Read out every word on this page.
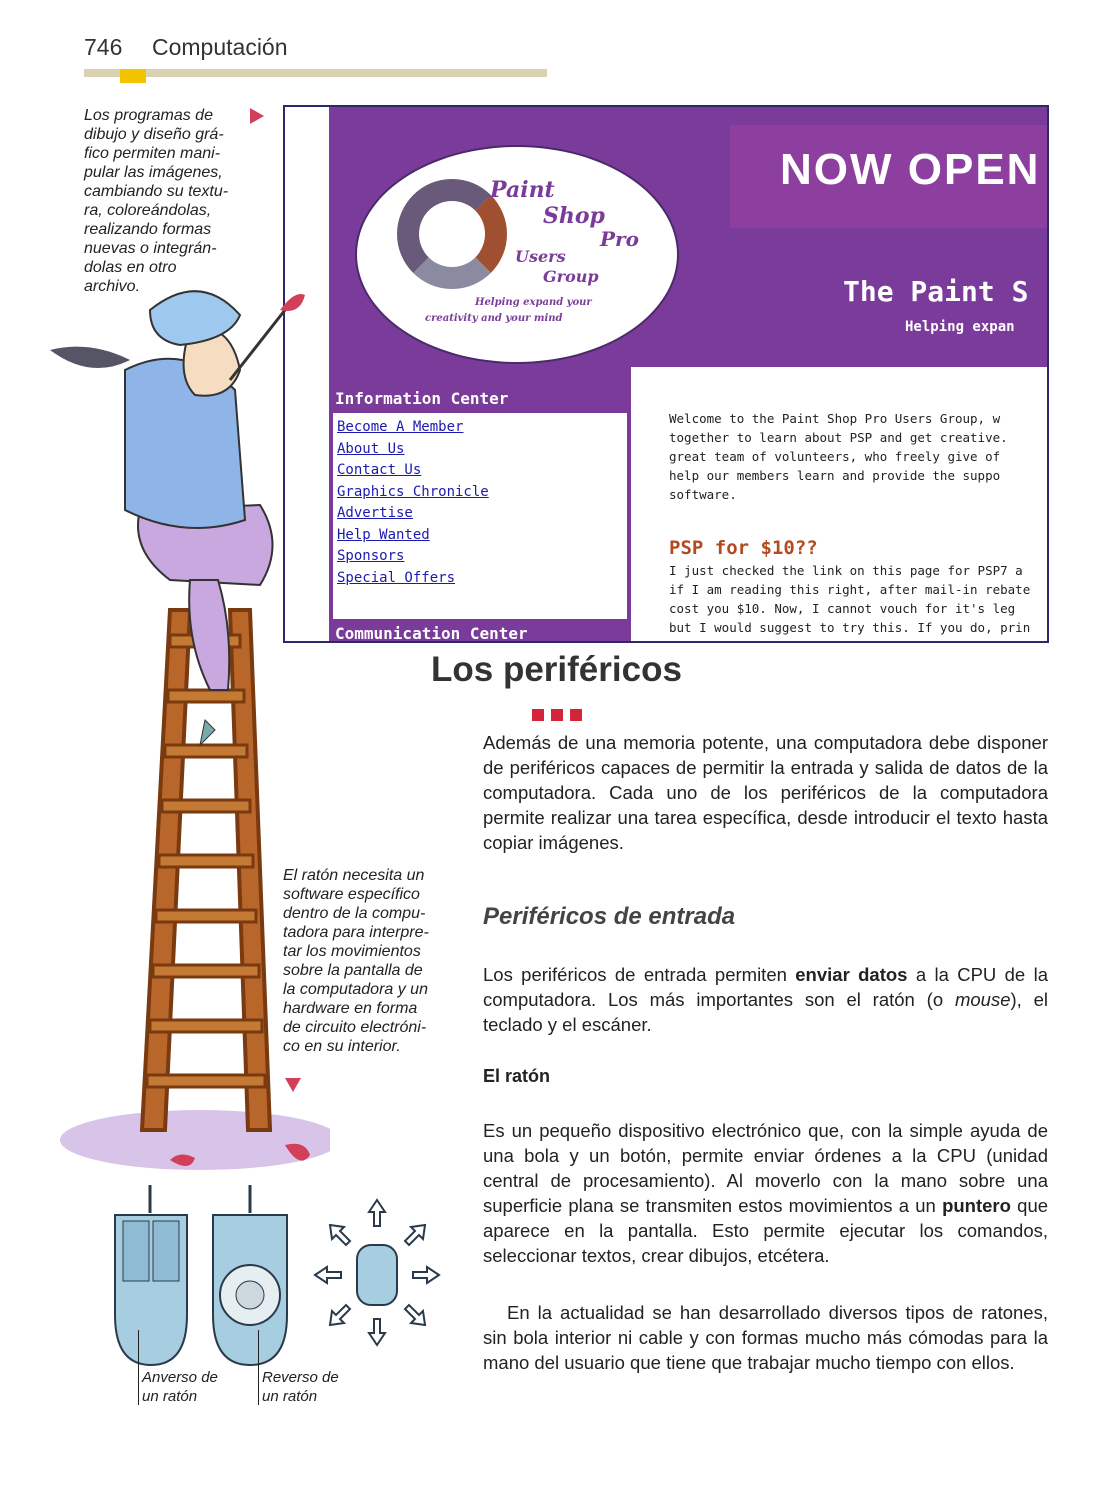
746 Computación
Los programas de
dibujo y diseño grá-
fico permiten mani-
pular las imágenes,
cambiando su textu-
ra, coloreándolas,
realizando formas
nuevas o integrán-
dolas en otro
archivo.
Paint
Shop
Pro
Users
Group
Helping expand your
creativity and your mind
NOW OPEN
The Paint S
Helping expan
Information Center
Become A Member
About Us
Contact Us
Graphics Chronicle
Advertise
Help Wanted
Sponsors
Special Offers
Communication Center
Welcome to the Paint Shop Pro Users Group, w
together to learn about PSP and get creative.
great team of volunteers, who freely give of
help our members learn and provide the suppo
software.
PSP for $10??
I just checked the link on this page for PSP7 a
if I am reading this right, after mail-in rebate
cost you $10. Now, I cannot vouch for it's leg
but I would suggest to try this. If you do, prin
El ratón necesita un
software específico
dentro de la compu-
tadora para interpre-
tar los movimientos
sobre la pantalla de
la computadora y un
hardware en forma
de circuito electróni-
co en su interior.
Anverso de
un ratón
Reverso de
un ratón
Los periféricos
Además de una memoria potente, una computadora debe disponer de periféricos capaces de permitir la entrada y salida de datos de la computadora. Cada uno de los periféricos de la computadora permite realizar una tarea específica, desde introducir el texto hasta copiar imágenes.
Periféricos de entrada
Los periféricos de entrada permiten enviar datos a la CPU de la computadora. Los más importantes son el ratón (o mouse), el teclado y el escáner.
El ratón
Es un pequeño dispositivo electrónico que, con la simple ayuda de una bola y un botón, permite enviar órdenes a la CPU (unidad central de procesamiento). Al moverlo con la mano sobre una superficie plana se transmiten estos movimientos a un puntero que aparece en la pantalla. Esto permite ejecutar los comandos, seleccionar textos, crear dibujos, etcétera.
En la actualidad se han desarrollado diversos tipos de ratones, sin bola interior ni cable y con formas mucho más cómodas para la mano del usuario que tiene que trabajar mucho tiempo con ellos.
